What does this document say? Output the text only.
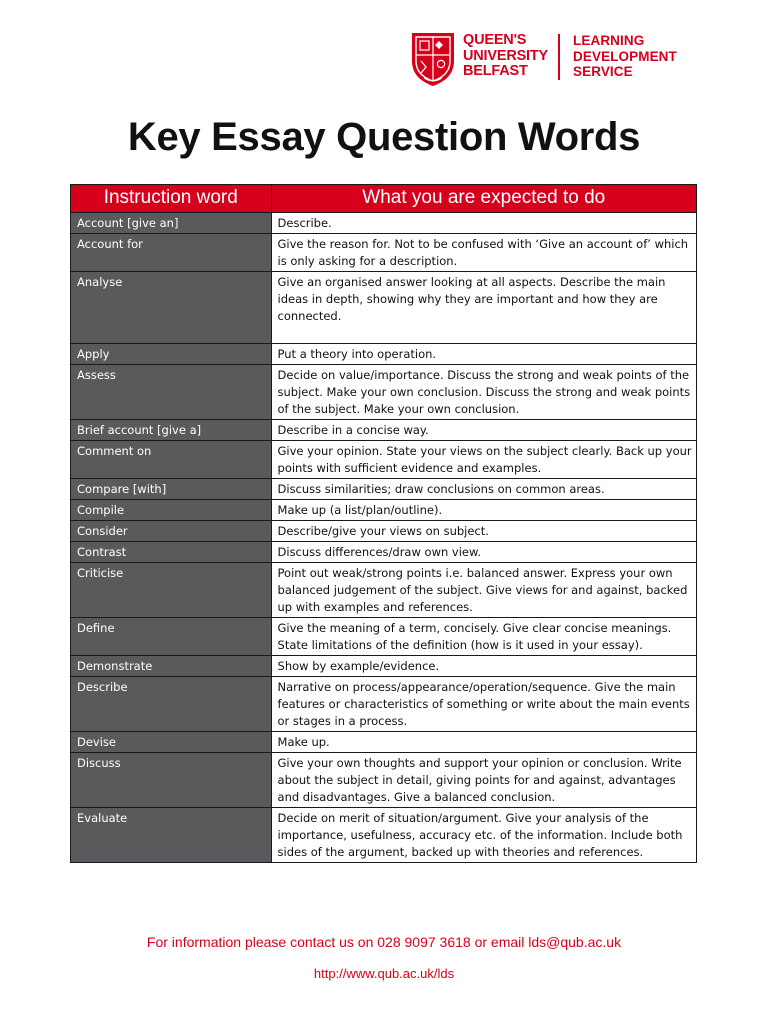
QUEEN'S
UNIVERSITY
BELFAST
LEARNING
DEVELOPMENT
SERVICE
Key Essay Question Words
Instruction word	What you are expected to do
Account [give an]	Describe.
Account for	Give the reason for. Not to be confused with ‘Give an account of’ which is only asking for a description.
Analyse	Give an organised answer looking at all aspects. Describe the main ideas in depth, showing why they are important and how they are connected.
Apply	Put a theory into operation.
Assess	Decide on value/importance. Discuss the strong and weak points of the subject. Make your own conclusion. Discuss the strong and weak points of the subject. Make your own conclusion.
Brief account [give a]	Describe in a concise way.
Comment on	Give your opinion. State your views on the subject clearly. Back up your points with sufficient evidence and examples.
Compare [with]	Discuss similarities; draw conclusions on common areas.
Compile	Make up (a list/plan/outline).
Consider	Describe/give your views on subject.
Contrast	Discuss differences/draw own view.
Criticise	Point out weak/strong points i.e. balanced answer. Express your own balanced judgement of the subject. Give views for and against, backed up with examples and references.
Define	Give the meaning of a term, concisely. Give clear concise meanings. State limitations of the definition (how is it used in your essay).
Demonstrate	Show by example/evidence.
Describe	Narrative on process/appearance/operation/sequence. Give the main features or characteristics of something or write about the main events or stages in a process.
Devise	Make up.
Discuss	Give your own thoughts and support your opinion or conclusion. Write about the subject in detail, giving points for and against, advantages and disadvantages. Give a balanced conclusion.
Evaluate	Decide on merit of situation/argument. Give your analysis of the importance, usefulness, accuracy etc. of the information. Include both sides of the argument, backed up with theories and references.
For information please contact us on 028 9097 3618 or email lds@qub.ac.uk
http://www.qub.ac.uk/lds
